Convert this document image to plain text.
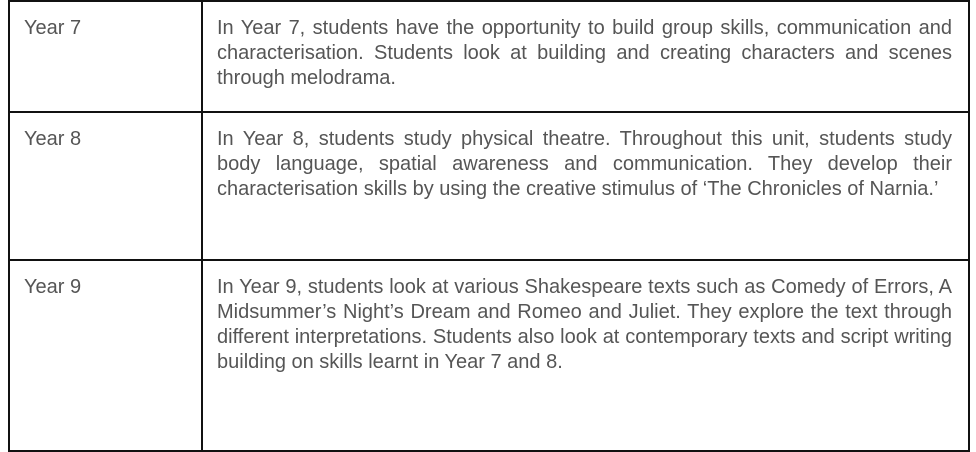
Year 7	In Year 7, students have the opportunity to build group skills, communication and characterisation. Students look at building and creating characters and scenes through melodrama.
Year 8	In Year 8, students study physical theatre. Throughout this unit, students study body language, spatial awareness and communication. They develop their characterisation skills by using the creative stimulus of ‘The Chronicles of Narnia.’
Year 9	In Year 9, students look at various Shakespeare texts such as Comedy of Errors, A Midsummer’s Night’s Dream and Romeo and Juliet. They explore the text through different interpretations. Students also look at contemporary texts and script writing building on skills learnt in Year 7 and 8.
